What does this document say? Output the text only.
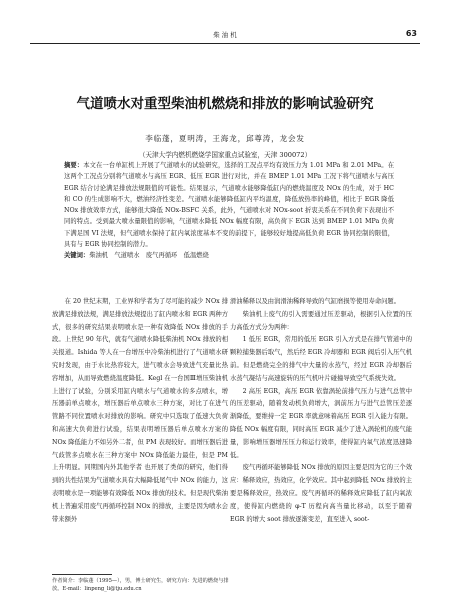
柴 油 机	63
气道喷水对重型柴油机燃烧和排放的影响试验研究
李临蓬，夏明涛，王海龙，邱尊涛，龙会发
（天津大学内燃机燃烧学国家重点试验室，天津 300072）
摘要：本文在一台单缸机上开展了气道喷水的试验研究，选择的工况点平均有效压力为 1.01 MPa 和 2.01 MPa。在这两个工况点分别将气道喷水与高压 EGR、低压 EGR 进行对比，并在 BMEP 1.01 MPa 工况下将气道喷水与高压 EGR 结合讨论满足排放法规限值的可能性。结果显示，气道喷水能够降低缸内的燃烧温度及 NOx 的生成，对于 HC 和 CO 的生成影响不大，燃油经济性变差。气道喷水能够降低缸内平均温度，降低放热率的峰值，相比于 EGR 降低 NOx 排放效率方式，能够很大降低 NOx-BSFC 关系，此外，气道喷水对 NOx-soot 折衷关系在不同负荷下表现出不同的特点。受到最大喷水量限值的影响，气道喷水降低 NOx 幅度有限，高负荷下 EGR 达到 BMEP 1.01 MPa 负荷下满足国 VI 法规，但气道喷水保持了缸内氧浓度基本不变的前提下，能够较好地提高低负荷 EGR 协同控制的限值，具有与 EGR 协同控制的潜力。
关键词：柴油机　气道喷水　废气再循环　低温燃烧

在 20 世纪末期，工业界和学者为了尽可能的减少 NOx 排放满足排放法规，满足排放法规提出了缸内喷水和 EGR 两种方式，很多的研究结果表明喷水是一种有效降低 NOx 排放的手段。上世纪 90 年代，就有气道喷水降低柴油机 NOx 排放的相关报道。Ishida 等人在一台增压中冷柴油机进行了气道喷水研究时发现，由于水比热容较大，进气喷水会导致进气充量比热容增加，从而导致燃烧温度降低。Kegl 在一台国Ⅲ增压柴油机上进行了试验，分别采用缸内喷水与气道喷水的多点喷水，增压器前单点喷水，增压器后单点喷水三种方案，对比了在进气管路不同位置喷水对排放的影响。研究中只选取了低速大负荷和高速大负荷进行试验，结果表明增压器后单点喷水方案的 NOx 降低能力不如另外二者，但 PM 表现较好。而增压器后进气歧管多点喷水在三种方案中 NOx 降低能力最佳，但是 PM 上升明显。同期国内外其他学者 也开展了类似的研究，他们得到的共性结果为气道喷水具有大幅降低尾气中 NOx 的能力，这表明喷水是一项能够有效降低 NOx 排放的技术。但是现代柴油机上普遍采用废气再循环控制 NOx 的排放，主要是因为喷水会带来额外

滑油稀释以及由润滑油稀释导致的气缸磨损等使用寿命问题。

柴油机上废气的引入需要通过压差驱动，根据引入位置的压力高低方式分为两种：

1 低压 EGR，常用的低压 EGR 引入方式是在排气管道中的颗粒捕集器后取气，然后经 EGR 冷却器和 EGR 阀后引入压气机前。但是燃烧完全的排气中大量的水蒸气，经过 EGR 冷却器后水蒸气凝结与高速旋转的压气机叶片碰撞导致空气系统失效。

2 高压 EGR，高压 EGR 依靠涡轮前排气压力与进气总管中的压差驱动，随着发动机负荷增大，涡前压力与进气总管压差逐渐降低，要维持一定 EGR 率就意味着高压 EGR 引入能力有限。降低 NOx 幅度有限，同时高压 EGR 减少了进入涡轮机的废气能量，影响增压器增压压力和运行效率，使得缸内氧气浓度迅速降低。

废气再循环能够降低 NOx 排放的原因主要是因为它的三个效应：稀释效应，热效应，化学效应。其中起到降低 NOx 排放的主要是稀释效应，热效应。废气再循环的稀释效应降低了缸内氧浓度，使得缸内燃烧的 φ-T 历程向高当量比移动，以至于随着 EGR 的增大 soot 排放逐渐变差，直至进入 soot-

作者简介：李临蓬（1995—），男，博士研究生，研究方向：先进的燃烧与排放。E-mail：linpeng_li@tju.edu.cn
